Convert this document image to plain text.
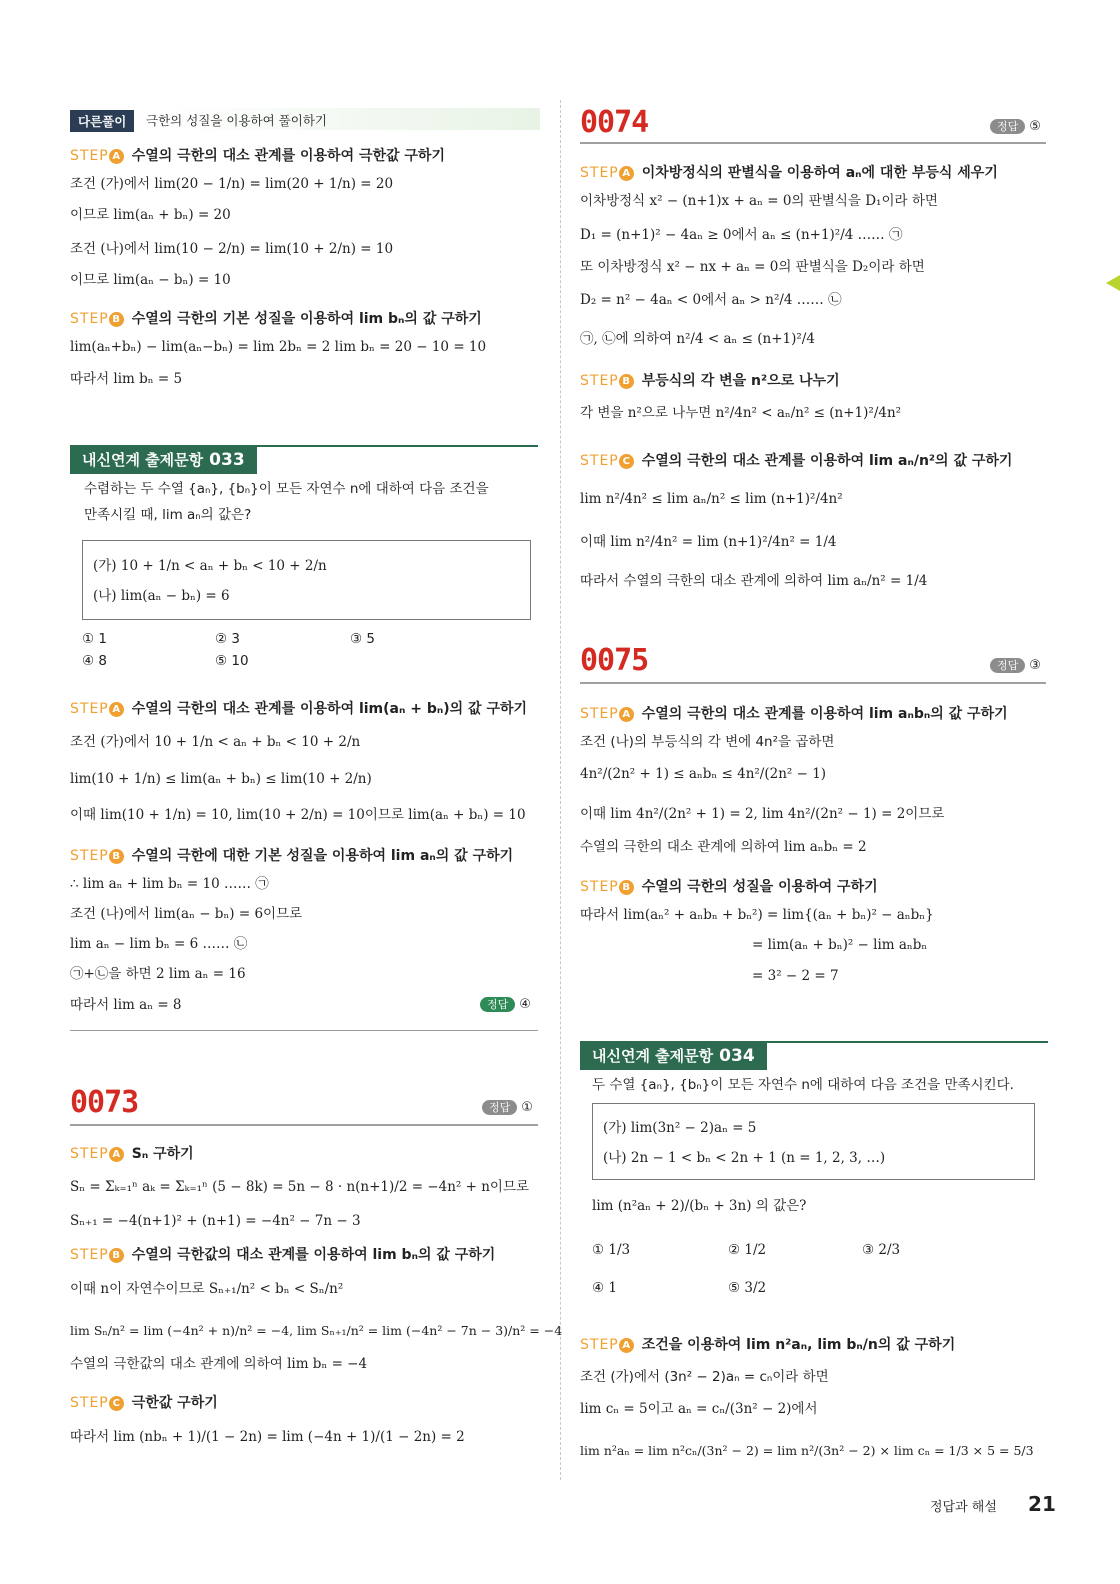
다른풀이	극한의 성질을 이용하여 풀이하기
STEP A 수열의 극한의 대소 관계를 이용하여 극한값 구하기
조건 (가)에서 lim(20 − 1/n) = lim(20 + 1/n) = 20
이므로 lim(aₙ + bₙ) = 20
조건 (나)에서 lim(10 − 2/n) = lim(10 + 2/n) = 10
이므로 lim(aₙ − bₙ) = 10
STEP B 수열의 극한의 기본 성질을 이용하여 lim bₙ의 값 구하기
lim(aₙ+bₙ) − lim(aₙ−bₙ) = lim 2bₙ = 2 lim bₙ = 20 − 10 = 10
따라서 lim bₙ = 5
내신연계 출제문항 033
수렴하는 두 수열 {aₙ}, {bₙ}이 모든 자연수 n에 대하여 다음 조건을
만족시킬 때, lim aₙ의 값은?
(가) 10 + 1/n < aₙ + bₙ < 10 + 2/n
(나) lim(aₙ − bₙ) = 6
① 1	② 3	③ 5
④ 8	⑤ 10
STEP A 수열의 극한의 대소 관계를 이용하여 lim(aₙ + bₙ)의 값 구하기
조건 (가)에서 10 + 1/n < aₙ + bₙ < 10 + 2/n
lim(10 + 1/n) ≤ lim(aₙ + bₙ) ≤ lim(10 + 2/n)
이때 lim(10 + 1/n) = 10, lim(10 + 2/n) = 10이므로 lim(aₙ + bₙ) = 10
STEP B 수열의 극한에 대한 기본 성질을 이용하여 lim aₙ의 값 구하기
∴ lim aₙ + lim bₙ = 10 …… ㉠
조건 (나)에서 lim(aₙ − bₙ) = 6이므로
lim aₙ − lim bₙ = 6 …… ㉡
㉠+㉡을 하면 2 lim aₙ = 16
따라서 lim aₙ = 8	정답 ④
0073	정답 ①
STEP A Sₙ 구하기
Sₙ = Σₖ₌₁ⁿ aₖ = Σₖ₌₁ⁿ (5 − 8k) = 5n − 8 · n(n+1)/2 = −4n² + n이므로
Sₙ₊₁ = −4(n+1)² + (n+1) = −4n² − 7n − 3
STEP B 수열의 극한값의 대소 관계를 이용하여 lim bₙ의 값 구하기
이때 n이 자연수이므로 Sₙ₊₁/n² < bₙ < Sₙ/n²
lim Sₙ/n² = lim (−4n² + n)/n² = −4, lim Sₙ₊₁/n² = lim (−4n² − 7n − 3)/n² = −4
수열의 극한값의 대소 관계에 의하여 lim bₙ = −4
STEP C 극한값 구하기
따라서 lim (nbₙ + 1)/(1 − 2n) = lim (−4n + 1)/(1 − 2n) = 2
0074	정답 ⑤
STEP A 이차방정식의 판별식을 이용하여 aₙ에 대한 부등식 세우기
이차방정식 x² − (n+1)x + aₙ = 0의 판별식을 D₁이라 하면
D₁ = (n+1)² − 4aₙ ≥ 0에서 aₙ ≤ (n+1)²/4 …… ㉠
또 이차방정식 x² − nx + aₙ = 0의 판별식을 D₂이라 하면
D₂ = n² − 4aₙ < 0에서 aₙ > n²/4 …… ㉡
㉠, ㉡에 의하여 n²/4 < aₙ ≤ (n+1)²/4
STEP B 부등식의 각 변을 n²으로 나누기
각 변을 n²으로 나누면 n²/4n² < aₙ/n² ≤ (n+1)²/4n²
STEP C 수열의 극한의 대소 관계를 이용하여 lim aₙ/n²의 값 구하기
lim n²/4n² ≤ lim aₙ/n² ≤ lim (n+1)²/4n²
이때 lim n²/4n² = lim (n+1)²/4n² = 1/4
따라서 수열의 극한의 대소 관계에 의하여 lim aₙ/n² = 1/4
0075	정답 ③
STEP A 수열의 극한의 대소 관계를 이용하여 lim aₙbₙ의 값 구하기
조건 (나)의 부등식의 각 변에 4n²을 곱하면
4n²/(2n² + 1) ≤ aₙbₙ ≤ 4n²/(2n² − 1)
이때 lim 4n²/(2n² + 1) = 2, lim 4n²/(2n² − 1) = 2이므로
수열의 극한의 대소 관계에 의하여 lim aₙbₙ = 2
STEP B 수열의 극한의 성질을 이용하여 구하기
따라서 lim(aₙ² + aₙbₙ + bₙ²) = lim{(aₙ + bₙ)² − aₙbₙ}
= lim(aₙ + bₙ)² − lim aₙbₙ
= 3² − 2 = 7
내신연계 출제문항 034
두 수열 {aₙ}, {bₙ}이 모든 자연수 n에 대하여 다음 조건을 만족시킨다.
(가) lim(3n² − 2)aₙ = 5
(나) 2n − 1 < bₙ < 2n + 1 (n = 1, 2, 3, …)
lim (n²aₙ + 2)/(bₙ + 3n) 의 값은?
① 1/3	② 1/2	③ 2/3
④ 1	⑤ 3/2
STEP A 조건을 이용하여 lim n²aₙ, lim bₙ/n의 값 구하기
조건 (가)에서 (3n² − 2)aₙ = cₙ이라 하면
lim cₙ = 5이고 aₙ = cₙ/(3n² − 2)에서
lim n²aₙ = lim n²cₙ/(3n² − 2) = lim n²/(3n² − 2) × lim cₙ = 1/3 × 5 = 5/3
정답과 해설 21
